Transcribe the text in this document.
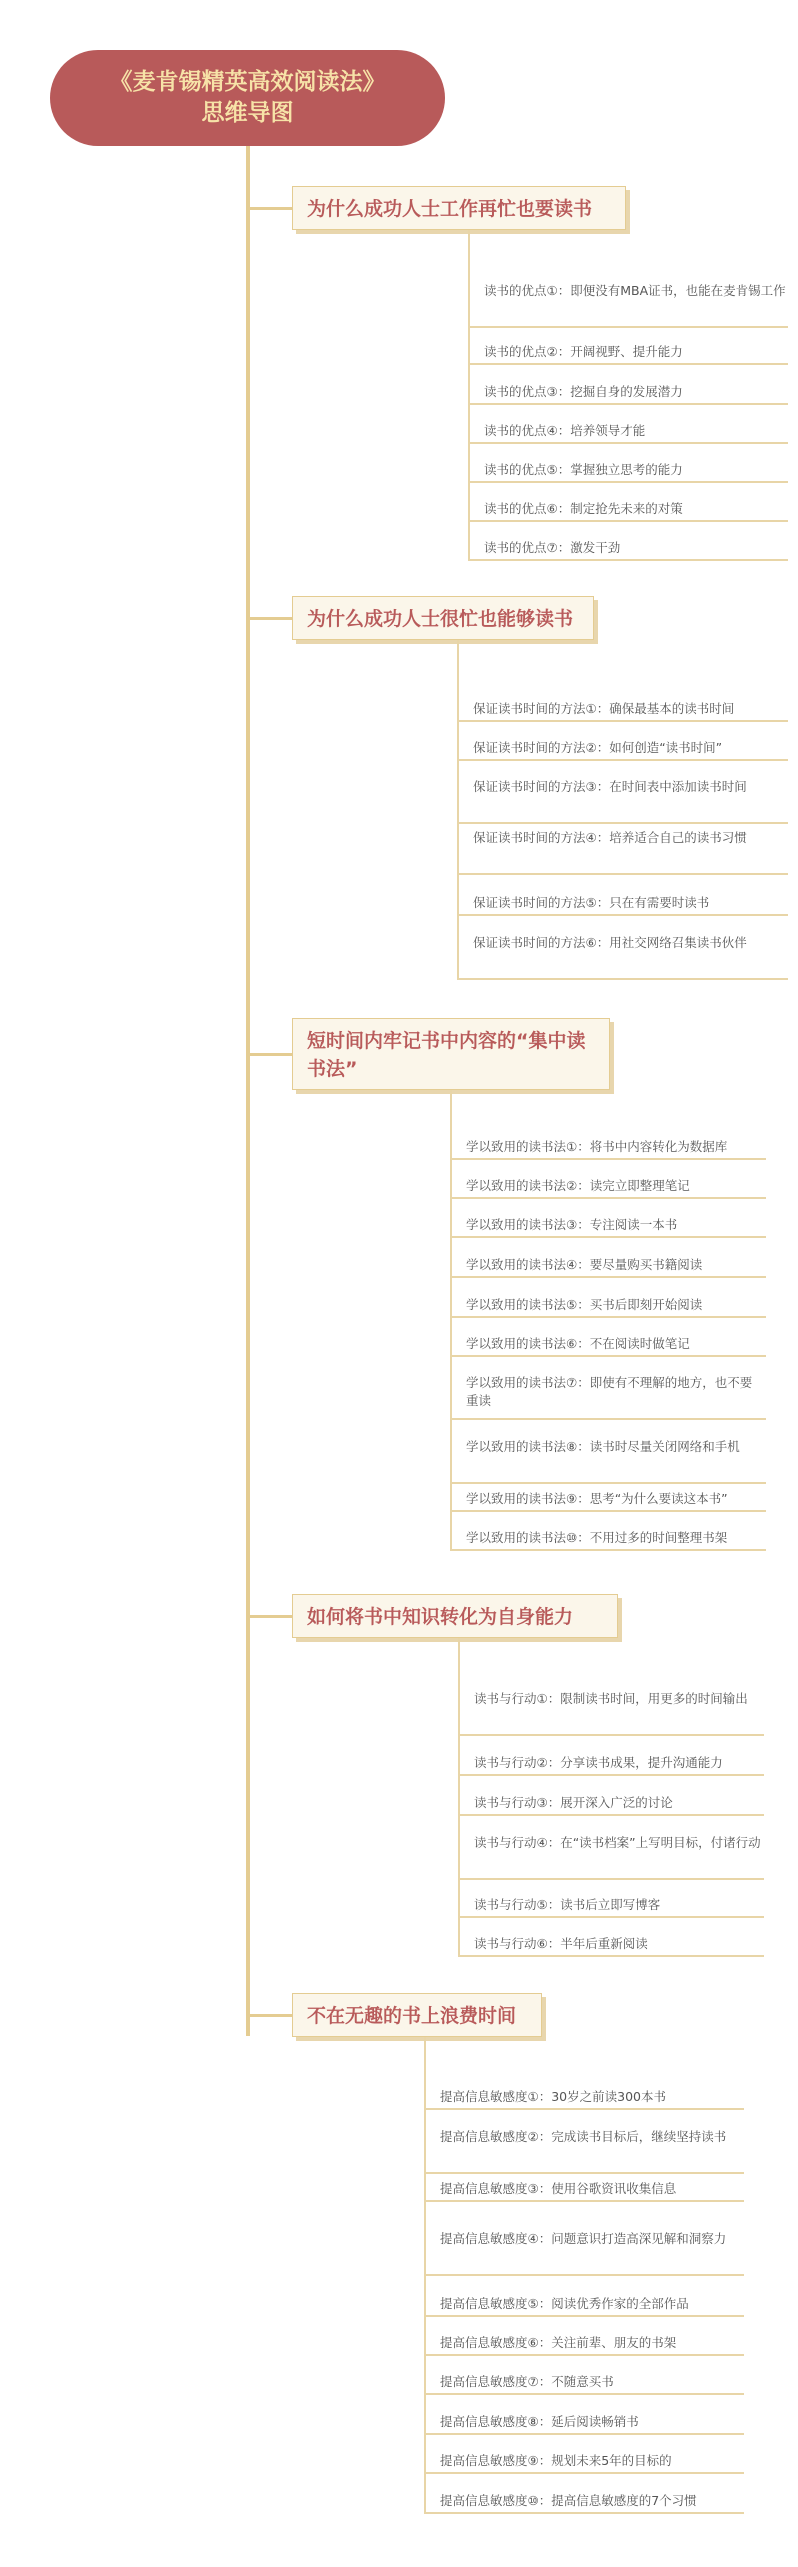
《麦肯锡精英高效阅读法》
思维导图
为什么成功人士工作再忙也要读书
读书的优点①：即便没有MBA证书，也能在麦肯锡工作
读书的优点②：开阔视野、提升能力
读书的优点③：挖掘自身的发展潜力
读书的优点④：培养领导才能
读书的优点⑤：掌握独立思考的能力
读书的优点⑥：制定抢先未来的对策
读书的优点⑦：激发干劲
为什么成功人士很忙也能够读书
保证读书时间的方法①：确保最基本的读书时间
保证读书时间的方法②：如何创造“读书时间”
保证读书时间的方法③：在时间表中添加读书时间
保证读书时间的方法④：培养适合自己的读书习惯
保证读书时间的方法⑤：只在有需要时读书
保证读书时间的方法⑥：用社交网络召集读书伙伴
短时间内牢记书中内容的“集中读
书法”
学以致用的读书法①：将书中内容转化为数据库
学以致用的读书法②：读完立即整理笔记
学以致用的读书法③：专注阅读一本书
学以致用的读书法④：要尽量购买书籍阅读
学以致用的读书法⑤：买书后即刻开始阅读
学以致用的读书法⑥：不在阅读时做笔记
学以致用的读书法⑦：即使有不理解的地方，也不要重读
学以致用的读书法⑧：读书时尽量关闭网络和手机
学以致用的读书法⑨：思考“为什么要读这本书”
学以致用的读书法⑩：不用过多的时间整理书架
如何将书中知识转化为自身能力
读书与行动①：限制读书时间，用更多的时间输出
读书与行动②：分享读书成果，提升沟通能力
读书与行动③：展开深入广泛的讨论
读书与行动④：在“读书档案”上写明目标，付诸行动
读书与行动⑤：读书后立即写博客
读书与行动⑥：半年后重新阅读
不在无趣的书上浪费时间
提高信息敏感度①：30岁之前读300本书
提高信息敏感度②：完成读书目标后，继续坚持读书
提高信息敏感度③：使用谷歌资讯收集信息
提高信息敏感度④：问题意识打造高深见解和洞察力
提高信息敏感度⑤：阅读优秀作家的全部作品
提高信息敏感度⑥：关注前辈、朋友的书架
提高信息敏感度⑦：不随意买书
提高信息敏感度⑧：延后阅读畅销书
提高信息敏感度⑨：规划未来5年的目标的
提高信息敏感度⑩：提高信息敏感度的7个习惯
